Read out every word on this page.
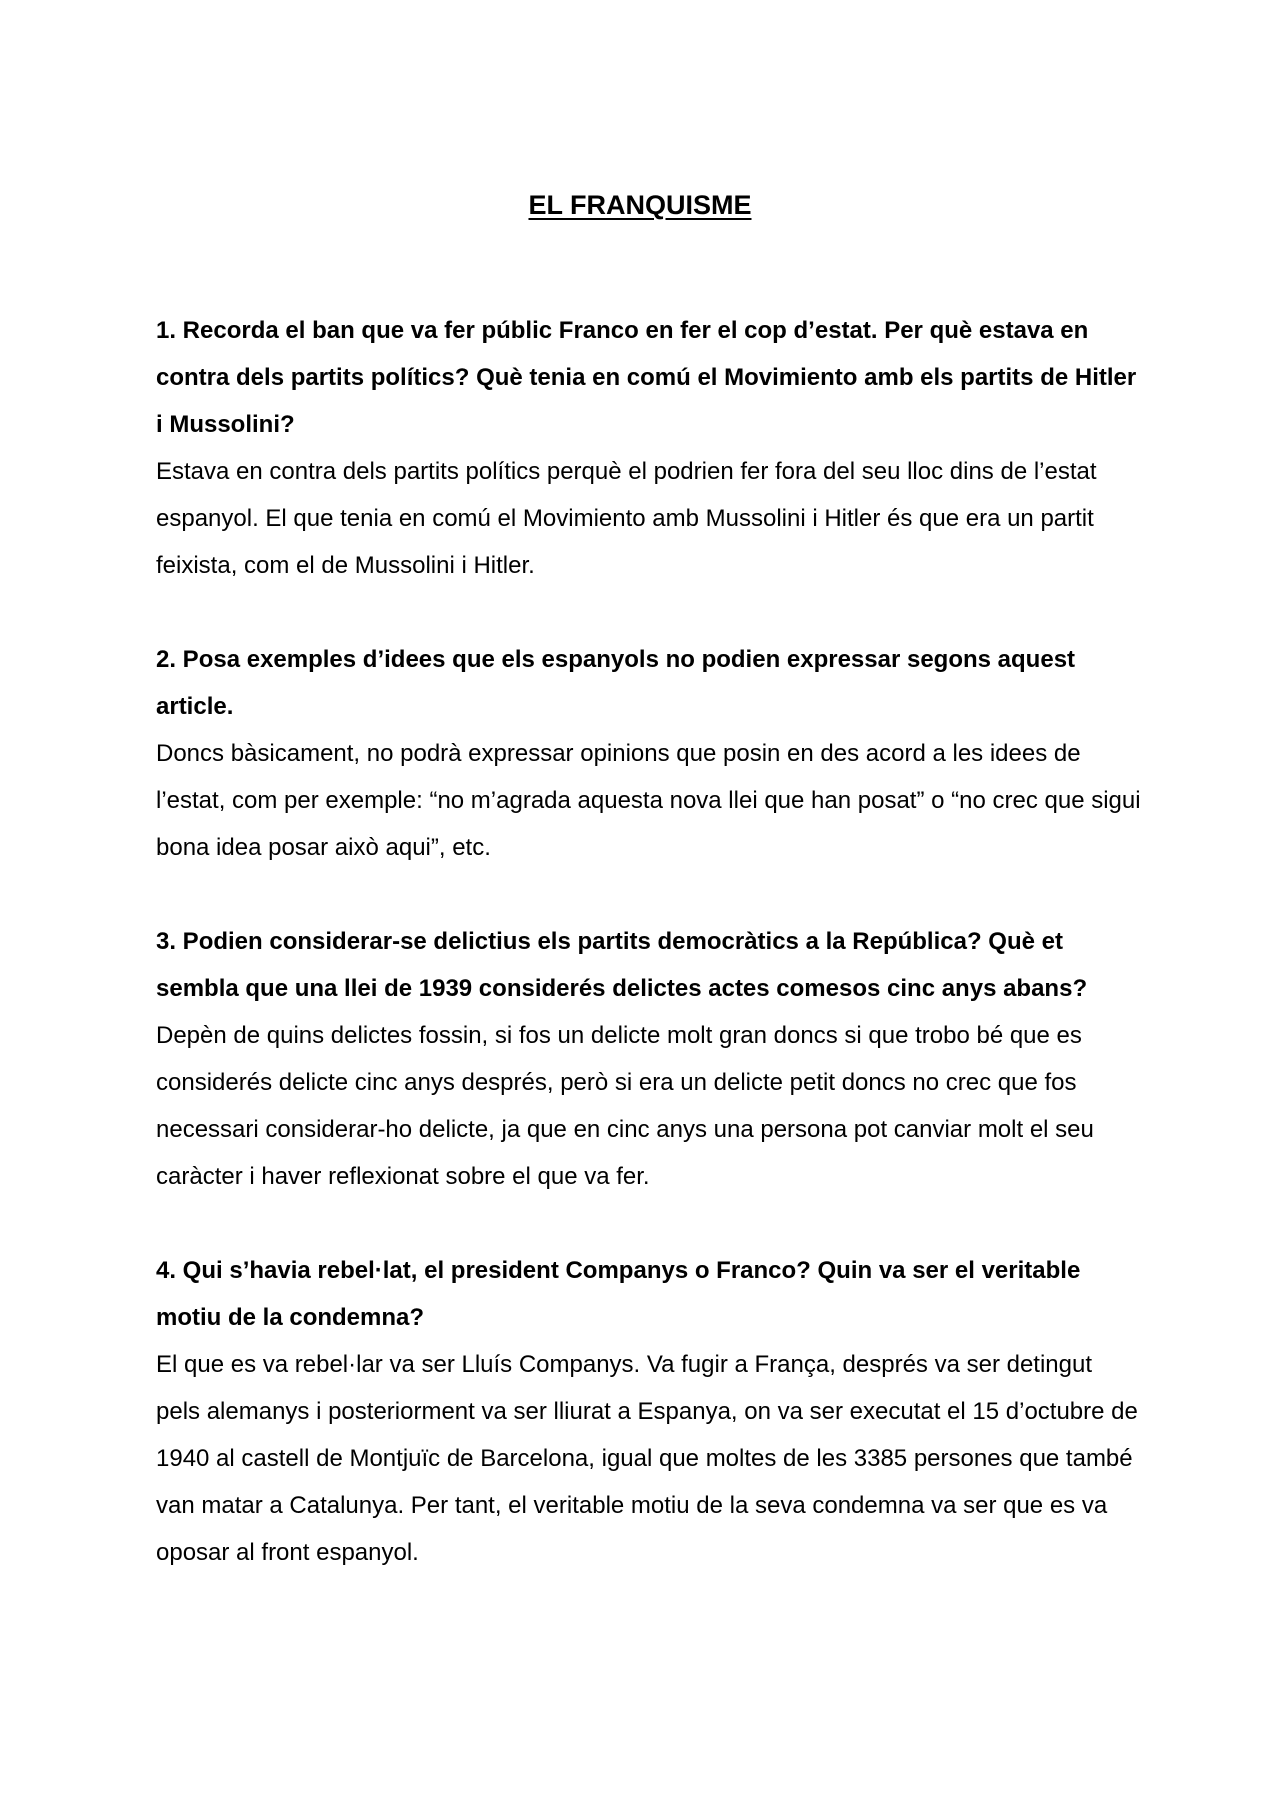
EL FRANQUISME

1. Recorda el ban que va fer públic Franco en fer el cop d’estat. Per què estava en contra dels partits polítics? Què tenia en comú el Movimiento amb els partits de Hitler i Mussolini?

Estava en contra dels partits polítics perquè el podrien fer fora del seu lloc dins de l’estat espanyol. El que tenia en comú el Movimiento amb Mussolini i Hitler és que era un partit feixista, com el de Mussolini i Hitler.

2. Posa exemples d’idees que els espanyols no podien expressar segons aquest article.

Doncs bàsicament, no podrà expressar opinions que posin en des acord a les idees de l’estat, com per exemple: “no m’agrada aquesta nova llei que han posat” o “no crec que sigui bona idea posar això aqui”, etc.

3. Podien considerar-se delictius els partits democràtics a la República? Què et sembla que una llei de 1939 considerés delictes actes comesos cinc anys abans?

Depèn de quins delictes fossin, si fos un delicte molt gran doncs si que trobo bé que es considerés delicte cinc anys després, però si era un delicte petit doncs no crec que fos necessari considerar-ho delicte, ja que en cinc anys una persona pot canviar molt el seu caràcter i haver reflexionat sobre el que va fer.

4. Qui s’havia rebel·lat, el president Companys o Franco? Quin va ser el veritable motiu de la condemna?

El que es va rebel·lar va ser Lluís Companys. Va fugir a França, després va ser detingut pels alemanys i posteriorment va ser lliurat a Espanya, on va ser executat el 15 d’octubre de 1940 al castell de Montjuïc de Barcelona, igual que moltes de les 3385 persones que també van matar a Catalunya. Per tant, el veritable motiu de la seva condemna va ser que es va oposar al front espanyol.
